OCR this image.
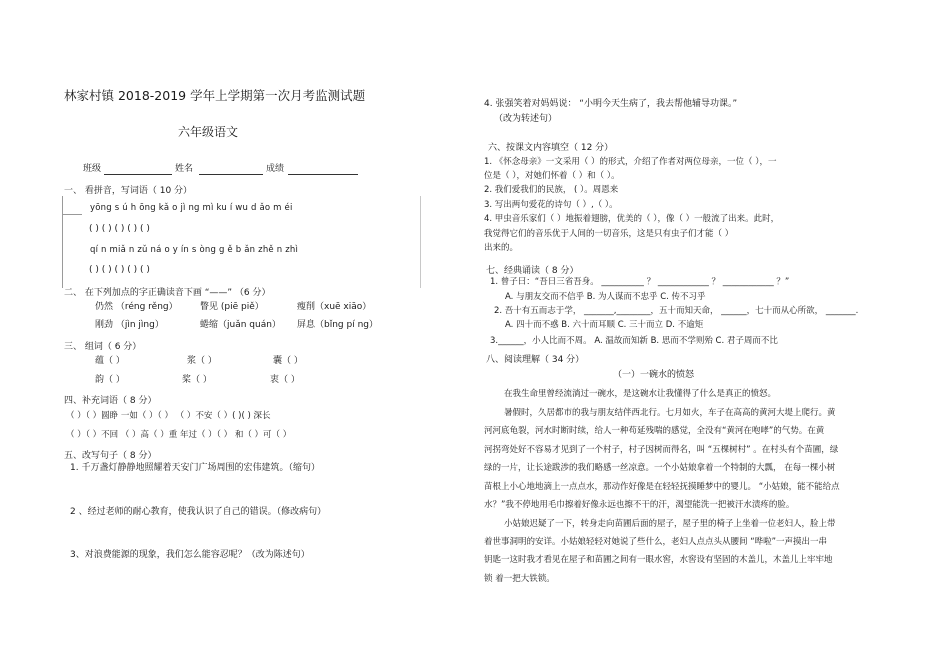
林家村镇 2018-2019 学年上学期第一次月考监测试题
六年级语文
班级	姓名	成绩
一、 看拼音，写词语（ 10 分）
yōng s ú h ōng kǎ o jì ng mì ku í wu d ǎo m éi
( ) ( ) ( ) ( ) ( )
qí n miǎ n zǔ ná o y ín s òng g ě b ǎn zhě n zhì
( ) ( ) ( ) ( ) ( )
二、 在下列加点的字正确读音下画 “——” （6 分）
仍然 （réng rěng） 瞥见 (piē piě）	瘦削（xuē xiāo）
刚劲 （jìn jìng）	蜷缩（juǎn quán） 屏息（bǐng pí ng）
三、 组词（ 6 分）
蕴（ ）	浆（ ）	囊（ ）
韵（ ）	桨（ ）	衷（ ）
四、补充词语（ 8 分）
（ ）（ ）圆睁 一如（ ）（ ） （ ）不安（ ）( )( ) 深长
（ ）（ ）不回 （ ）高（ ）重 年过（ ）（ ） 和（ ）可（ ）
五、改写句子（ 8 分）
1. 千万盏灯静静地照耀着天安门广场周围的宏伟建筑。（缩句）
2 、经过老师的耐心教育，使我认识了自己的错误。（修改病句）
3、对浪费能源的现象，我们怎么能容忍呢？（改为陈述句）
4. 张强笑着对妈妈说： “小明今天生病了，我去帮他辅导功课。”
（改为转述句）
六、按课文内容填空（ 12 分）
1. 《怀念母亲》一文采用（ ）的形式，介绍了作者对两位母亲，一位（ ），一
位是（ ），对她们怀着（ ）和（ ）。
2. 我们爱我们的民族， ( ）。周恩来
3. 写出两句爱花的诗句（ ）,（ ）。
4. 甲虫音乐家们（ ）地振着翅膀，优美的（ ），像（ ）一般流了出来。此时，
我觉得它们的音乐优于人间的一切音乐，这是只有虫子们才能（ ）
出来的。
七、经典诵读（ 8 分）
1. 曾子曰：“吾日三省吾身。 __________ ？ ____________ ？ ____________ ？”
A. 与朋友交而不信乎 B. 为人谋而不忠乎 C. 传不习乎
2. 吾十有五而志于学， _______,________，五十而知天命， ______，七十而从心所欲， _______.
A. 四十而不惑 B. 六十而耳顺 C. 三十而立 D. 不逾矩
3.______，小人比而不周。 A. 温故而知新 B. 思而不学则殆 C. 君子周而不比
八、阅读理解（ 34 分）
（一）一碗水的愤怒
在我生命里曾经流淌过一碗水，是这碗水让我懂得了什么是真正的愤怒。
暑假时，久居都市的我与朋友结伴西北行。七月如火，车子在高高的黄河大堤上爬行。黄
河河底龟裂，河水时断时续，给人一种苟延残喘的感觉，全没有“黄河在咆哮”的气势。在黄
河拐弯处好不容易才见到了一个村子，村子因树而得名，叫 “五棵树村” 。在村头有个苗圃，绿
绿的一片，让长途跋涉的我们略感一丝凉意。一个小姑娘拿着一个特制的大瓢， 在每一棵小树
苗根上小心地地滴上一点点水，那动作好像是在轻轻抚摸睡梦中的婴儿。 “小姑娘，能不能给点
水？”我不停地用毛巾擦着好像永远也擦不干的汗，渴望能洗一把被汗水渍疼的脸。
小姑娘迟疑了一下，转身走向苗圃后面的屋子，屋子里的椅子上坐着一位老妇人，脸上带
着世事洞明的安详。小姑娘轻轻对她说了些什么，老妇人点点头从腰间 “哗啦”一声摸出一串
钥匙一这时我才看见在屋子和苗圃之间有一眼水窖，水窖设有坚固的木盖儿，木盖儿上牢牢地
锁 着一把大铁锁。
